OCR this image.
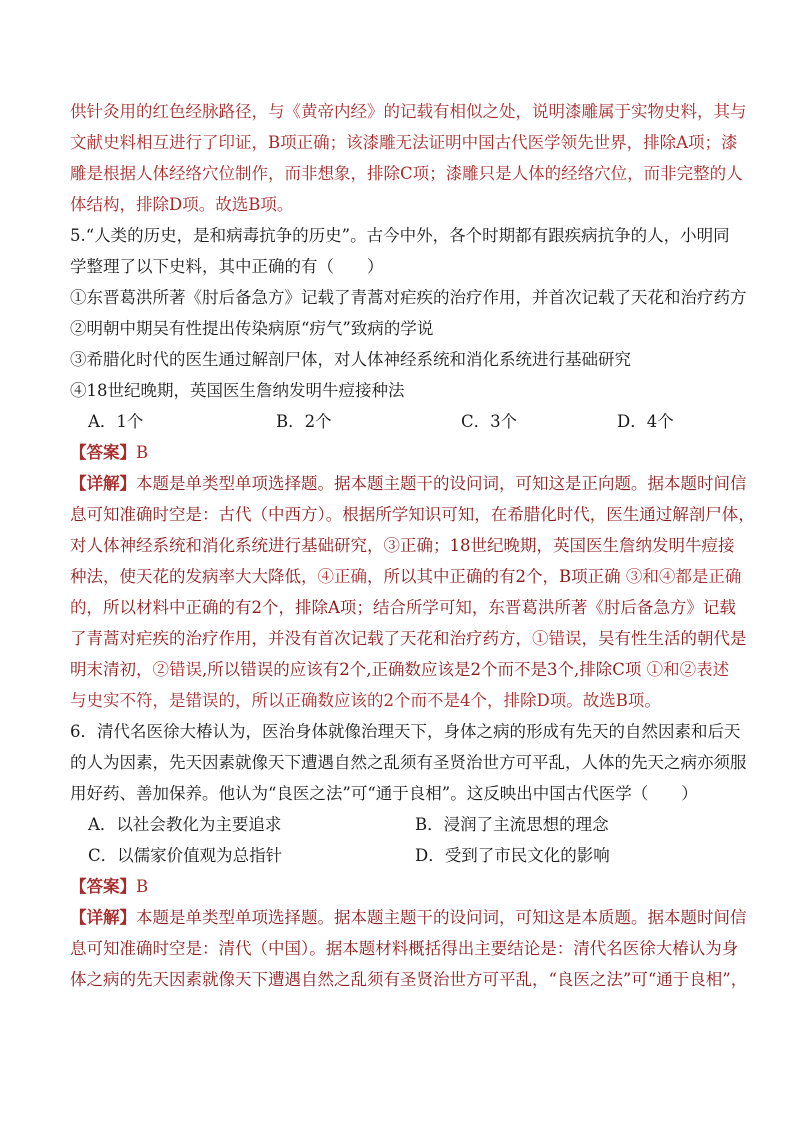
供针灸用的红色经脉路径，与《黄帝内经》的记载有相似之处，说明漆雕属于实物史料，其与
文献史料相互进行了印证，B项正确；该漆雕无法证明中国古代医学领先世界，排除A项；漆
雕是根据人体经络穴位制作，而非想象，排除C项；漆雕只是人体的经络穴位，而非完整的人
体结构，排除D项。故选B项。
5.“人类的历史，是和病毒抗争的历史”。古今中外，各个时期都有跟疾病抗争的人，小明同
学整理了以下史料，其中正确的有（　　）
①东晋葛洪所著《肘后备急方》记载了青蒿对疟疾的治疗作用，并首次记载了天花和治疗药方
②明朝中期吴有性提出传染病原“疠气”致病的学说
③希腊化时代的医生通过解剖尸体，对人体神经系统和消化系统进行基础研究
④18世纪晚期，英国医生詹纳发明牛痘接种法
A．1个	B．2个	C．3个	D．4个
【答案】B
【详解】本题是单类型单项选择题。据本题主题干的设问词，可知这是正向题。据本题时间信
息可知准确时空是：古代（中西方）。根据所学知识可知，在希腊化时代，医生通过解剖尸体，
对人体神经系统和消化系统进行基础研究，③正确；18世纪晚期，英国医生詹纳发明牛痘接
种法，使天花的发病率大大降低，④正确，所以其中正确的有2个，B项正确 ③和④都是正确
的，所以材料中正确的有2个，排除A项；结合所学可知，东晋葛洪所著《肘后备急方》记载
了青蒿对疟疾的治疗作用，并没有首次记载了天花和治疗药方，①错误，吴有性生活的朝代是
明末清初，②错误,所以错误的应该有2个,正确数应该是2个而不是3个,排除C项 ①和②表述
与史实不符，是错误的，所以正确数应该的2个而不是4个，排除D项。故选B项。
6．清代名医徐大椿认为，医治身体就像治理天下，身体之病的形成有先天的自然因素和后天
的人为因素，先天因素就像天下遭遇自然之乱须有圣贤治世方可平乱，人体的先天之病亦须服
用好药、善加保养。他认为“良医之法”可“通于良相”。这反映出中国古代医学（　　）
A．以社会教化为主要追求	B．浸润了主流思想的理念
C．以儒家价值观为总指针	D．受到了市民文化的影响
【答案】B
【详解】本题是单类型单项选择题。据本题主题干的设问词，可知这是本质题。据本题时间信
息可知准确时空是：清代（中国）。据本题材料概括得出主要结论是：清代名医徐大椿认为身
体之病的先天因素就像天下遭遇自然之乱须有圣贤治世方可平乱，“良医之法”可“通于良相”，
